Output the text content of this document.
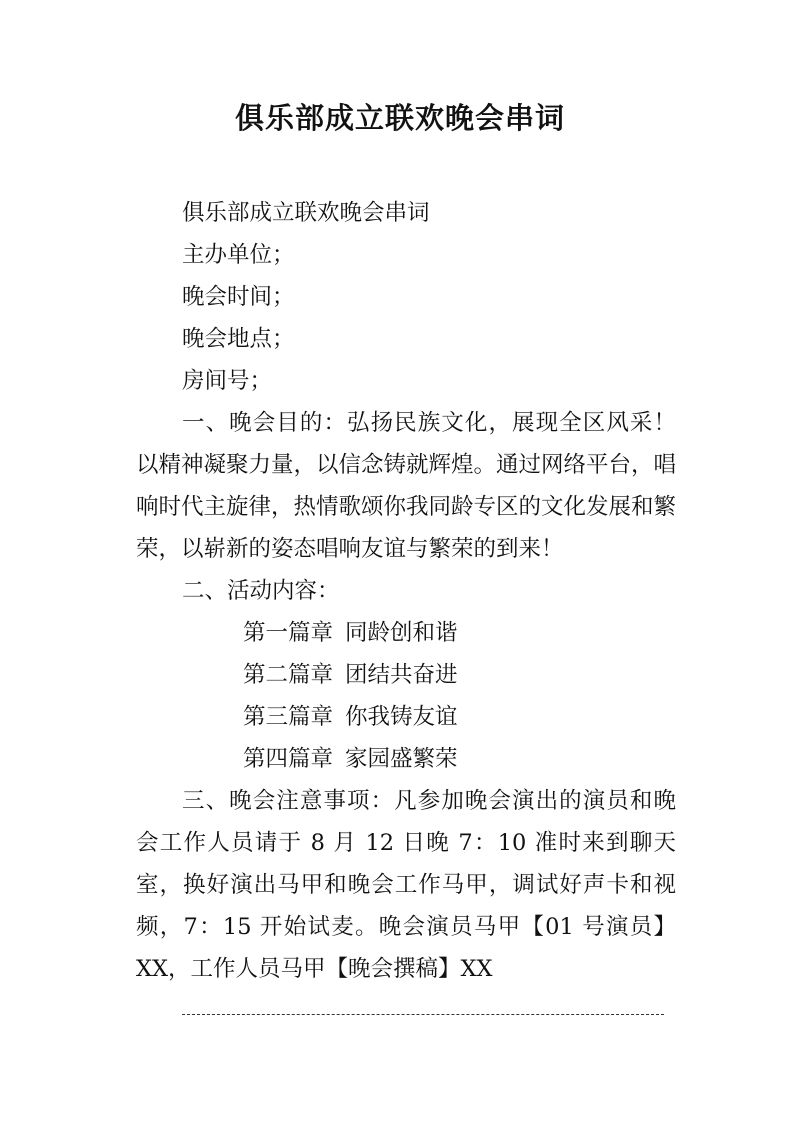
俱乐部成立联欢晚会串词

俱乐部成立联欢晚会串词

主办单位；

晚会时间；

晚会地点；

房间号；

一、晚会目的：弘扬民族文化，展现全区风采！以精神凝聚力量，以信念铸就辉煌。通过网络平台，唱响时代主旋律，热情歌颂你我同龄专区的文化发展和繁荣，以崭新的姿态唱响友谊与繁荣的到来！

二、活动内容：

第一篇章 同龄创和谐

第二篇章 团结共奋进

第三篇章 你我铸友谊

第四篇章 家园盛繁荣

三、晚会注意事项：凡参加晚会演出的演员和晚会工作人员请于 8 月 12 日晚 7：10 准时来到聊天室，换好演出马甲和晚会工作马甲，调试好声卡和视频，7：15 开始试麦。晚会演员马甲【01 号演员】XX，工作人员马甲【晚会撰稿】XX
